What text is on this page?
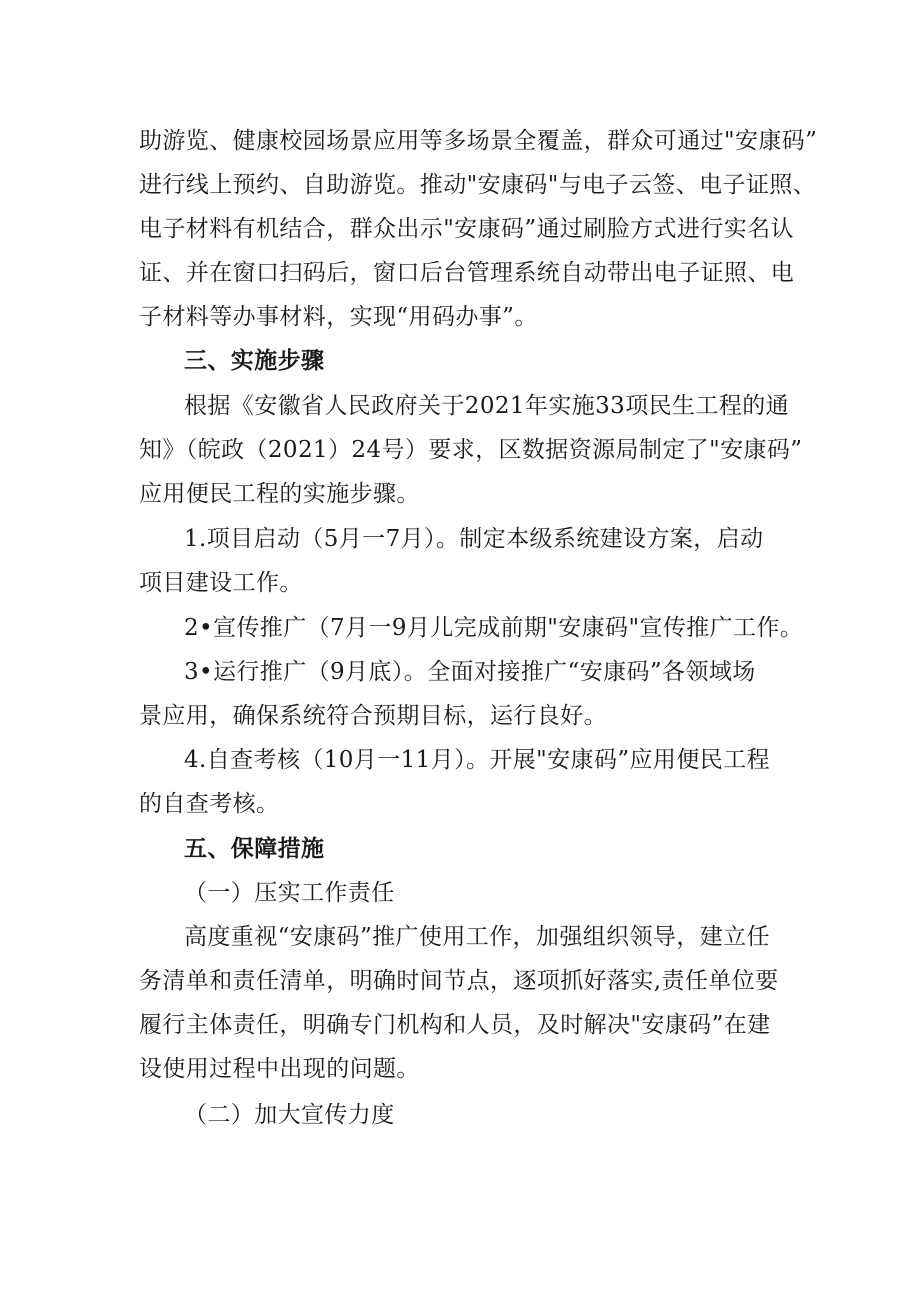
助游览、健康校园场景应用等多场景全覆盖，群众可通过"安康码”
进行线上预约、自助游览。推动"安康码"与电子云签、电子证照、
电子材料有机结合，群众出示"安康码”通过刷脸方式进行实名认
证、并在窗口扫码后，窗口后台管理系统自动带出电子证照、电
子材料等办事材料，实现“用码办事”。
三、实施步骤
根据《安徽省人民政府关于2021年实施33项民生工程的通
知》（皖政（2021）24号）要求，区数据资源局制定了"安康码”
应用便民工程的实施步骤。
1.项目启动（5月一7月）。制定本级系统建设方案，启动
项目建设工作。
2•宣传推广（7月一9月儿完成前期"安康码"宣传推广工作。
3•运行推广（9月底）。全面对接推广“安康码”各领域场
景应用，确保系统符合预期目标，运行良好。
4.自查考核（10月一11月）。开展"安康码”应用便民工程
的自查考核。
五、保障措施
（一）压实工作责任
高度重视“安康码”推广使用工作，加强组织领导，建立任
务清单和责任清单，明确时间节点，逐项抓好落实,责任单位要
履行主体责任，明确专门机构和人员，及时解决"安康码”在建
设使用过程中出现的问题。
（二）加大宣传力度
